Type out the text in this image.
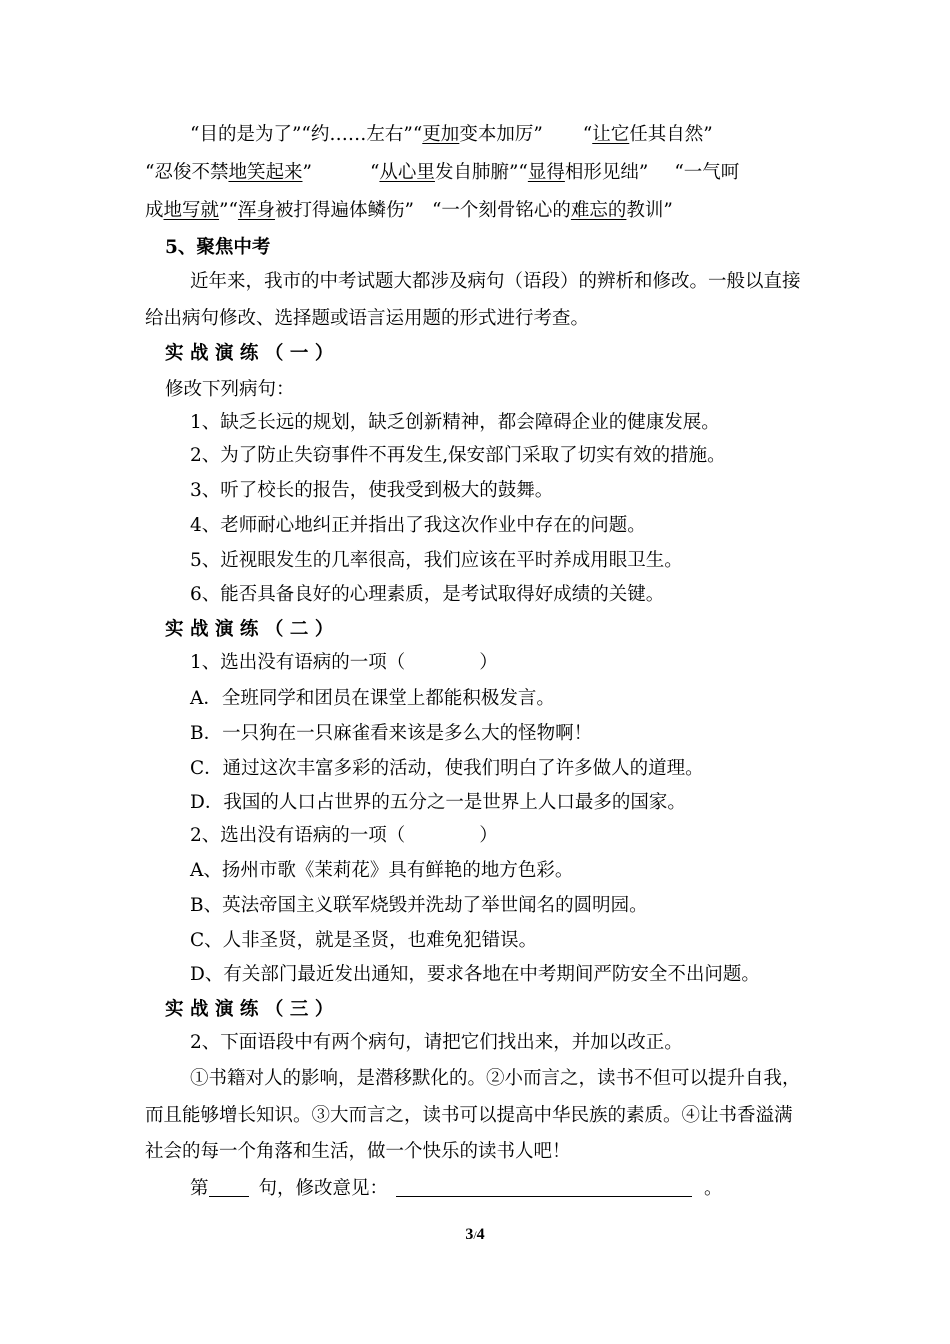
“目的是为了”“约……左右”“更加变本加厉” “让它任其自然”
“忍俊不禁地笑起来”	“从心里发自肺腑”“显得相形见绌” “一气呵
成地写就”“浑身被打得遍体鳞伤” “一个刻骨铭心的难忘的教训”
5、聚焦中考
近年来，我市的中考试题大都涉及病句（语段）的辨析和修改。一般以直接
给出病句修改、选择题或语言运用题的形式进行考查。
实战演练（一）
修改下列病句：
1、缺乏长远的规划，缺乏创新精神，都会障碍企业的健康发展。
2、为了防止失窃事件不再发生,保安部门采取了切实有效的措施。
3、听了校长的报告，使我受到极大的鼓舞。
4、老师耐心地纠正并指出了我这次作业中存在的问题。
5、近视眼发生的几率很高，我们应该在平时养成用眼卫生。
6、能否具备良好的心理素质，是考试取得好成绩的关键。
实战演练（二）
1、选出没有语病的一项（　　　　）
A．全班同学和团员在课堂上都能积极发言。
B．一只狗在一只麻雀看来该是多么大的怪物啊！
C．通过这次丰富多彩的活动，使我们明白了许多做人的道理。
D．我国的人口占世界的五分之一是世界上人口最多的国家。
2、选出没有语病的一项（　　　　）
A、扬州市歌《茉莉花》具有鲜艳的地方色彩。
B、英法帝国主义联军烧毁并洗劫了举世闻名的圆明园。
C、人非圣贤，就是圣贤，也难免犯错误。
D、有关部门最近发出通知，要求各地在中考期间严防安全不出问题。
实战演练（三）
2、下面语段中有两个病句，请把它们找出来，并加以改正。
①书籍对人的影响，是潜移默化的。②小而言之，读书不但可以提升自我，
而且能够增长知识。③大而言之，读书可以提高中华民族的素质。④让书香溢满
社会的每一个角落和生活，做一个快乐的读书人吧！
第	句，修改意见：	。
3/4
